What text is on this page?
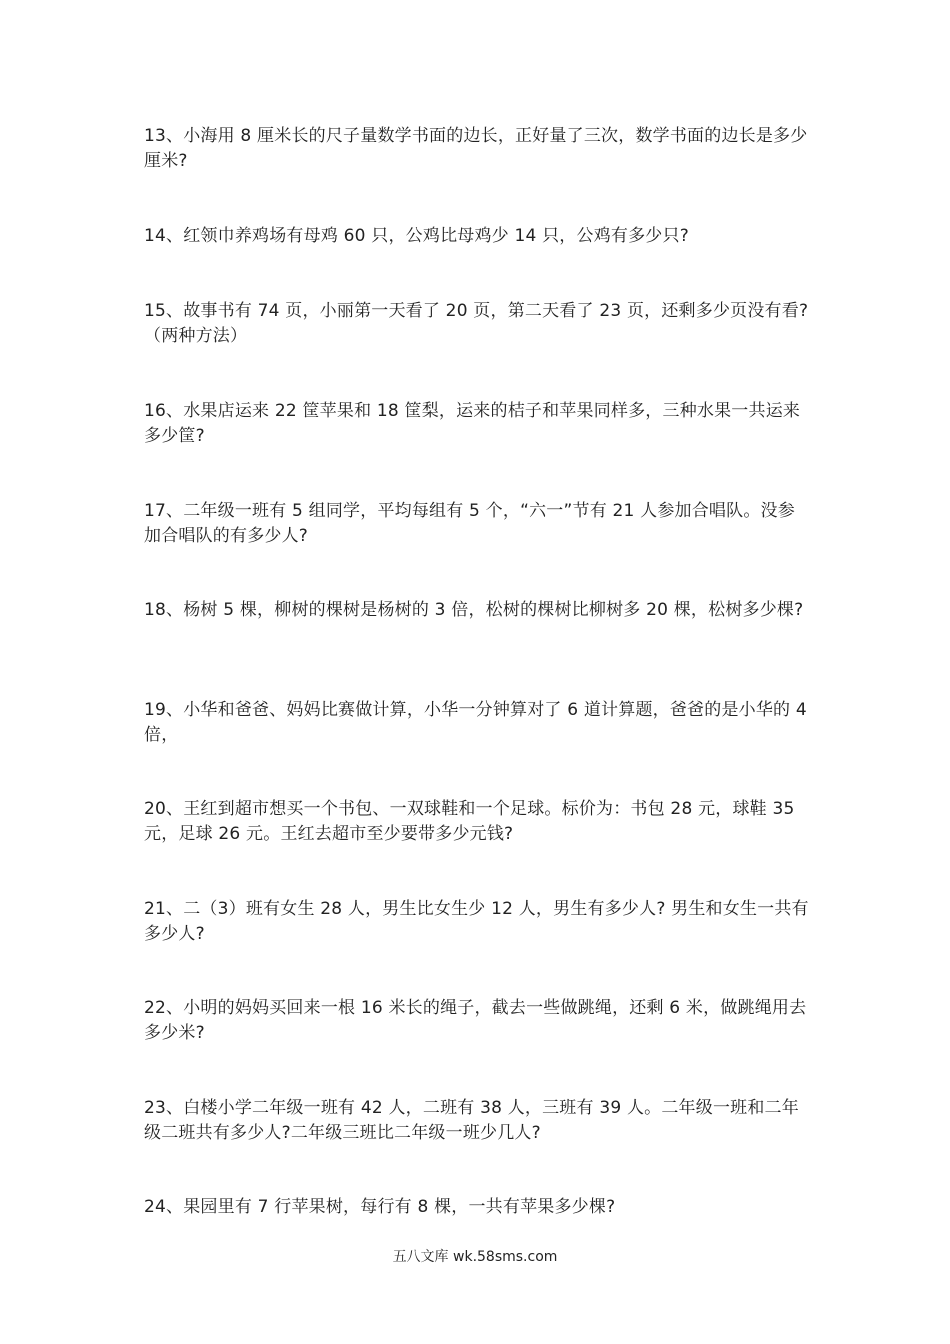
13、小海用 8 厘米长的尺子量数学书面的边长，正好量了三次，数学书面的边长是多少厘米?

14、红领巾养鸡场有母鸡 60 只，公鸡比母鸡少 14 只，公鸡有多少只?

15、故事书有 74 页，小丽第一天看了 20 页，第二天看了 23 页，还剩多少页没有看? （两种方法）

16、水果店运来 22 筐苹果和 18 筐梨，运来的桔子和苹果同样多，三种水果一共运来多少筐?

17、二年级一班有 5 组同学，平均每组有 5 个，“六一”节有 21 人参加合唱队。没参加合唱队的有多少人?

18、杨树 5 棵，柳树的棵树是杨树的 3 倍，松树的棵树比柳树多 20 棵，松树多少棵?

19、小华和爸爸、妈妈比赛做计算，小华一分钟算对了 6 道计算题，爸爸的是小华的 4 倍，

20、王红到超市想买一个书包、一双球鞋和一个足球。标价为：书包 28 元，球鞋 35 元，足球 26 元。王红去超市至少要带多少元钱?

21、二（3）班有女生 28 人，男生比女生少 12 人，男生有多少人? 男生和女生一共有多少人?

22、小明的妈妈买回来一根 16 米长的绳子，截去一些做跳绳，还剩 6 米，做跳绳用去多少米?

23、白楼小学二年级一班有 42 人，二班有 38 人，三班有 39 人。二年级一班和二年级二班共有多少人?二年级三班比二年级一班少几人?

24、果园里有 7 行苹果树，每行有 8 棵，一共有苹果多少棵?

五八文库 wk.58sms.com
